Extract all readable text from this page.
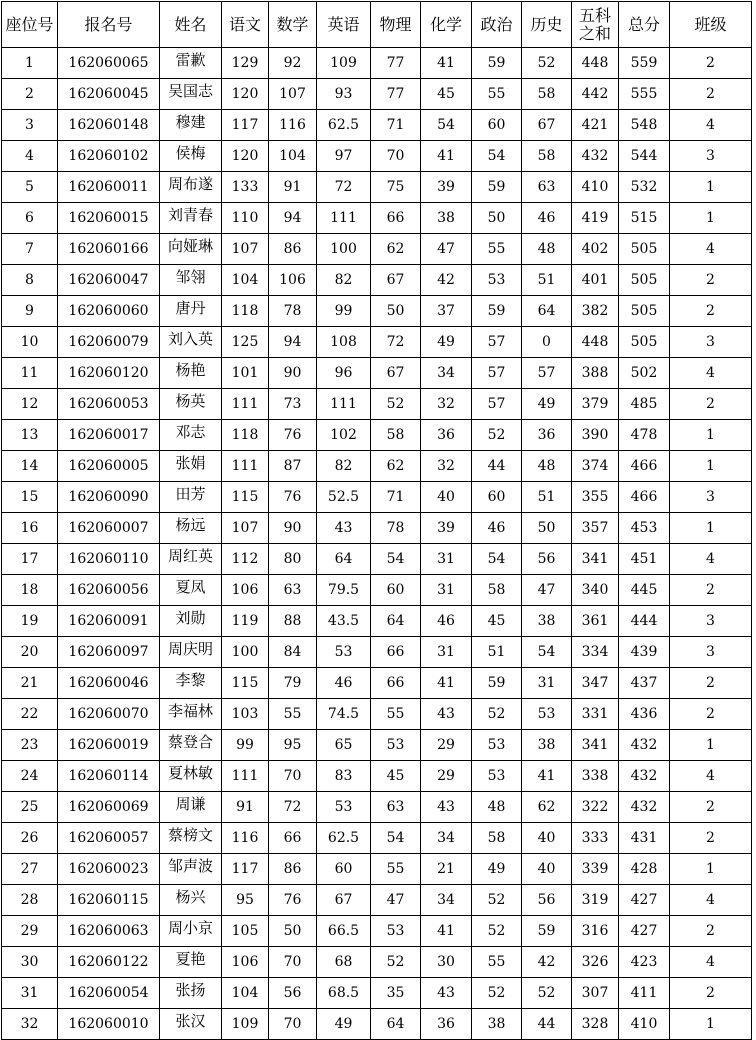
座位号	报名号	姓名	语文	数学	英语	物理	化学	政治	历史	五科之和	总分	班级
1	162060065	雷歉	129	92	109	77	41	59	52	448	559	2
2	162060045	吴国志	120	107	93	77	45	55	58	442	555	2
3	162060148	穆建	117	116	62.5	71	54	60	67	421	548	4
4	162060102	侯梅	120	104	97	70	41	54	58	432	544	3
5	162060011	周布遂	133	91	72	75	39	59	63	410	532	1
6	162060015	刘青春	110	94	111	66	38	50	46	419	515	1
7	162060166	向娅琳	107	86	100	62	47	55	48	402	505	4
8	162060047	邹翎	104	106	82	67	42	53	51	401	505	2
9	162060060	唐丹	118	78	99	50	37	59	64	382	505	2
10	162060079	刘入英	125	94	108	72	49	57	0	448	505	3
11	162060120	杨艳	101	90	96	67	34	57	57	388	502	4
12	162060053	杨英	111	73	111	52	32	57	49	379	485	2
13	162060017	邓志	118	76	102	58	36	52	36	390	478	1
14	162060005	张娟	111	87	82	62	32	44	48	374	466	1
15	162060090	田芳	115	76	52.5	71	40	60	51	355	466	3
16	162060007	杨远	107	90	43	78	39	46	50	357	453	1
17	162060110	周红英	112	80	64	54	31	54	56	341	451	4
18	162060056	夏凤	106	63	79.5	60	31	58	47	340	445	2
19	162060091	刘勋	119	88	43.5	64	46	45	38	361	444	3
20	162060097	周庆明	100	84	53	66	31	51	54	334	439	3
21	162060046	李黎	115	79	46	66	41	59	31	347	437	2
22	162060070	李福林	103	55	74.5	55	43	52	53	331	436	2
23	162060019	蔡登合	99	95	65	53	29	53	38	341	432	1
24	162060114	夏林敏	111	70	83	45	29	53	41	338	432	4
25	162060069	周谦	91	72	53	63	43	48	62	322	432	2
26	162060057	蔡榜文	116	66	62.5	54	34	58	40	333	431	2
27	162060023	邹声波	117	86	60	55	21	49	40	339	428	1
28	162060115	杨兴	95	76	67	47	34	52	56	319	427	4
29	162060063	周小京	105	50	66.5	53	41	52	59	316	427	2
30	162060122	夏艳	106	70	68	52	30	55	42	326	423	4
31	162060054	张扬	104	56	68.5	35	43	52	52	307	411	2
32	162060010	张汉	109	70	49	64	36	38	44	328	410	1
